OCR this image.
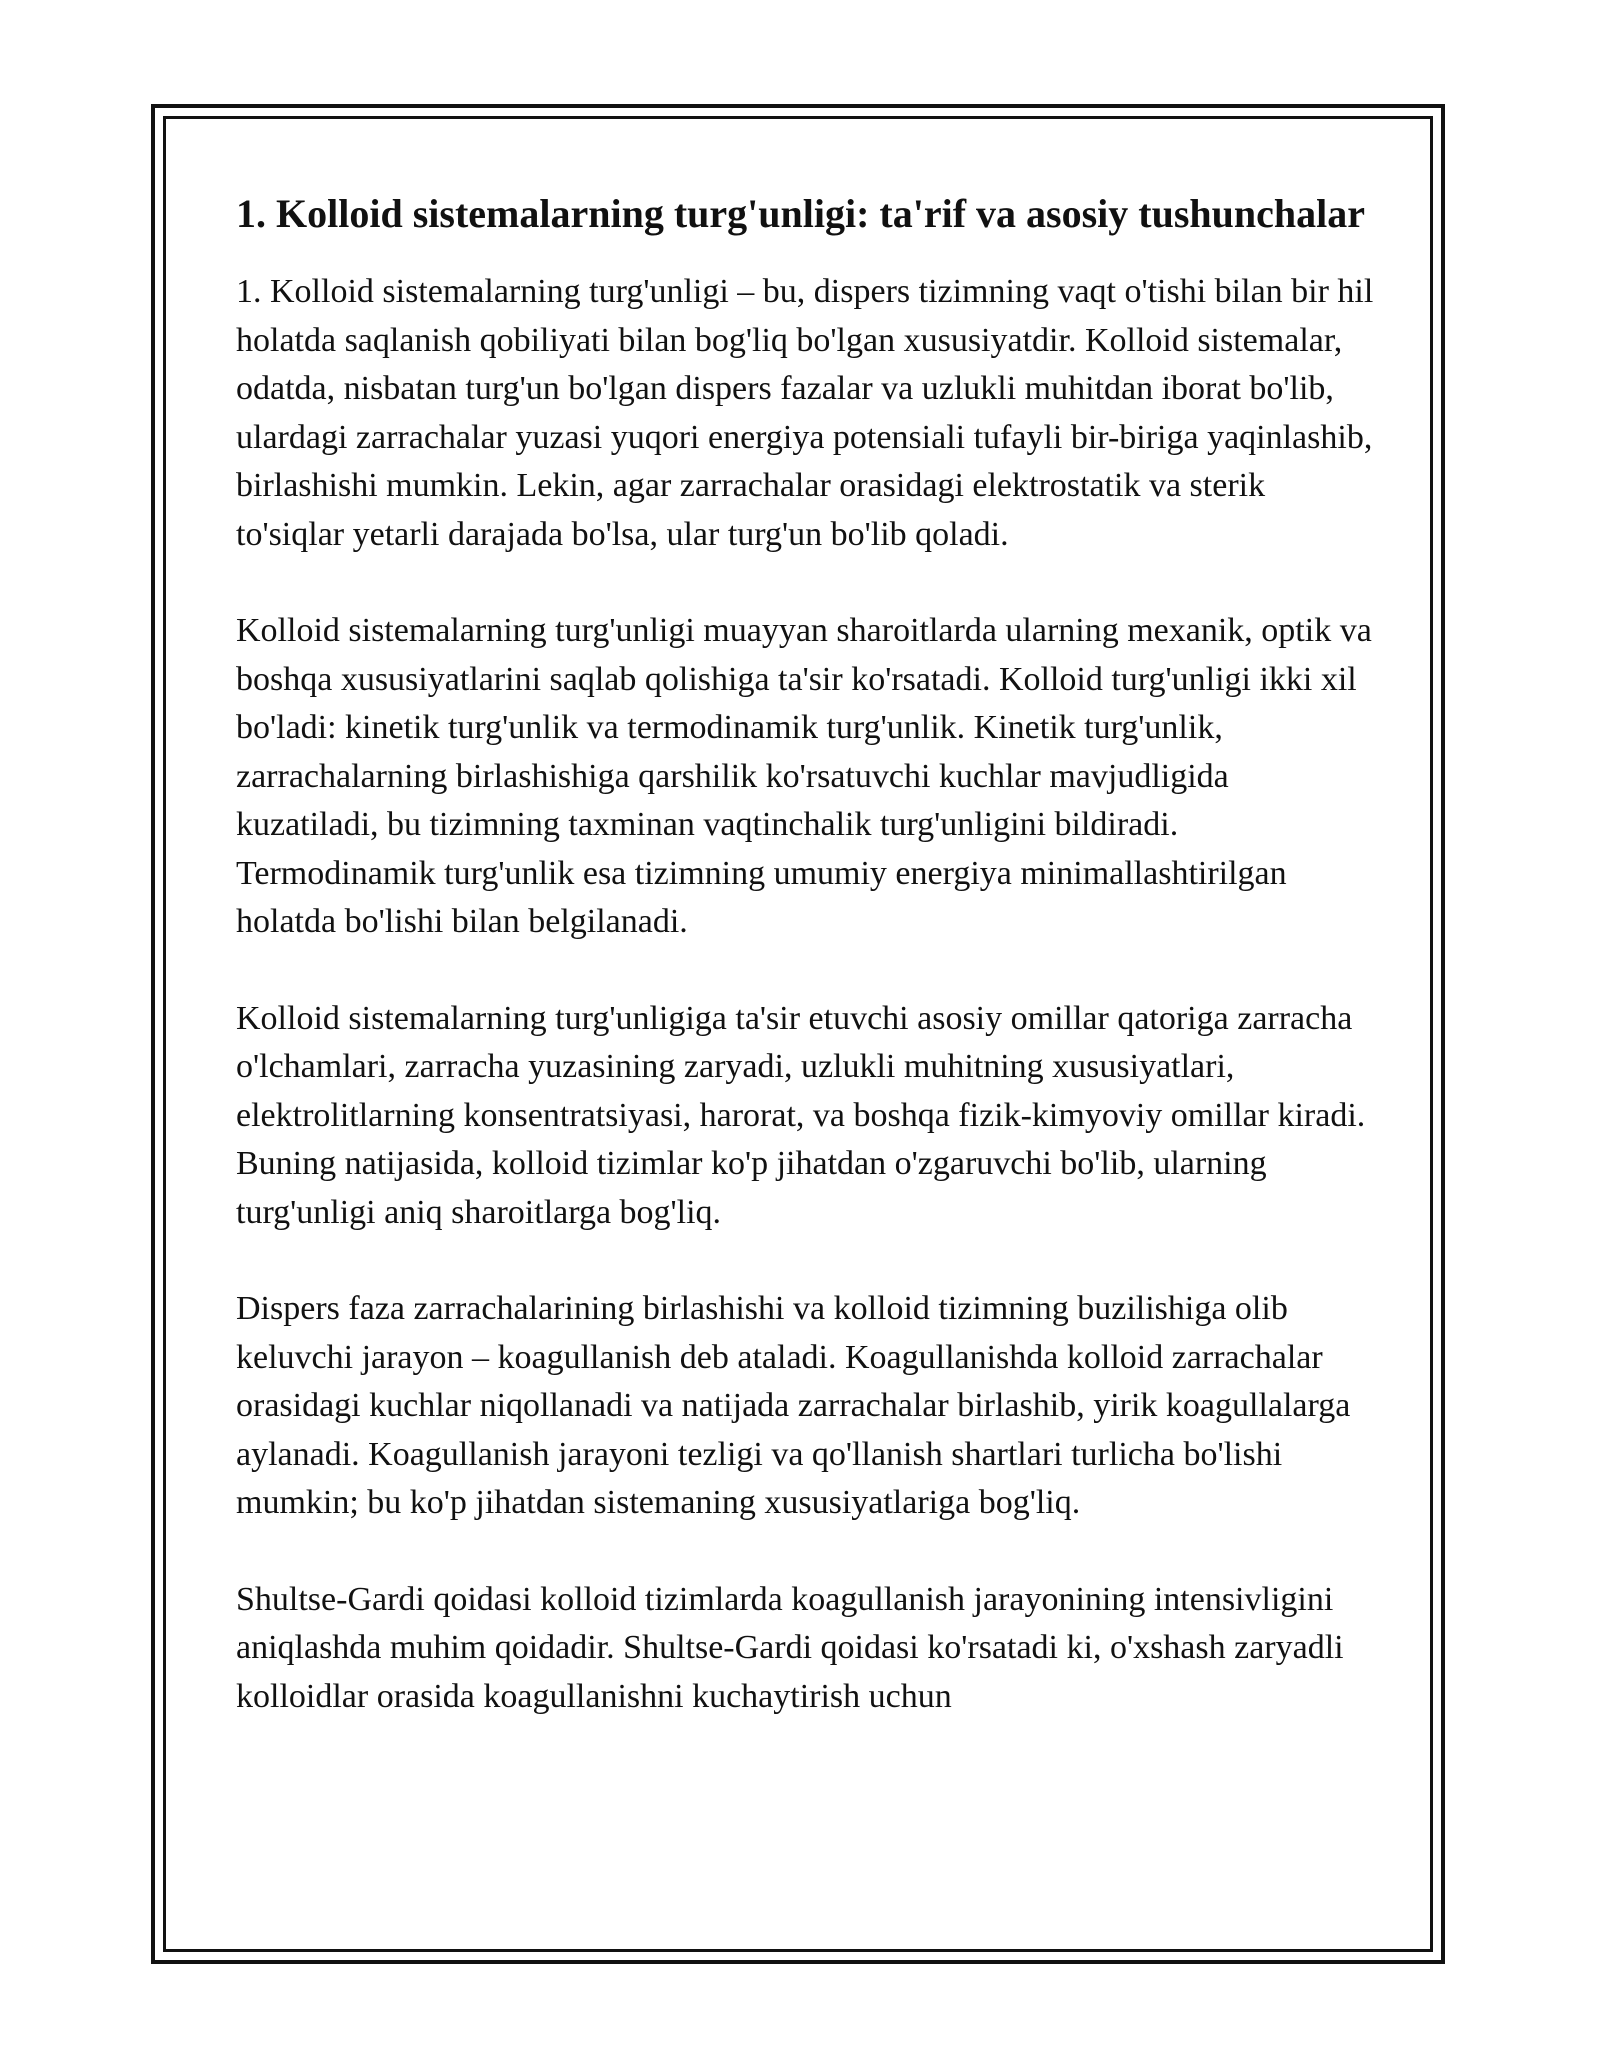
1. Kolloid sistemalarning turg'unligi: ta'rif va asosiy tushunchalar

1. Kolloid sistemalarning turg'unligi – bu, dispers tizimning vaqt o'tishi bilan bir hil holatda saqlanish qobiliyati bilan bog'liq bo'lgan xususiyatdir. Kolloid sistemalar, odatda, nisbatan turg'un bo'lgan dispers fazalar va uzlukli muhitdan iborat bo'lib, ulardagi zarrachalar yuzasi yuqori energiya potensiali tufayli bir-biriga yaqinlashib, birlashishi mumkin. Lekin, agar zarrachalar orasidagi elektrostatik va sterik to'siqlar yetarli darajada bo'lsa, ular turg'un bo'lib qoladi.

Kolloid sistemalarning turg'unligi muayyan sharoitlarda ularning mexanik, optik va boshqa xususiyatlarini saqlab qolishiga ta'sir ko'rsatadi. Kolloid turg'unligi ikki xil bo'ladi: kinetik turg'unlik va termodinamik turg'unlik. Kinetik turg'unlik, zarrachalarning birlashishiga qarshilik ko'rsatuvchi kuchlar mavjudligida kuzatiladi, bu tizimning taxminan vaqtinchalik turg'unligini bildiradi. Termodinamik turg'unlik esa tizimning umumiy energiya minimallashtirilgan holatda bo'lishi bilan belgilanadi.

Kolloid sistemalarning turg'unligiga ta'sir etuvchi asosiy omillar qatoriga zarracha o'lchamlari, zarracha yuzasining zaryadi, uzlukli muhitning xususiyatlari, elektrolitlarning konsentratsiyasi, harorat, va boshqa fizik-kimyoviy omillar kiradi. Buning natijasida, kolloid tizimlar ko'p jihatdan o'zgaruvchi bo'lib, ularning turg'unligi aniq sharoitlarga bog'liq.

Dispers faza zarrachalarining birlashishi va kolloid tizimning buzilishiga olib keluvchi jarayon – koagullanish deb ataladi. Koagullanishda kolloid zarrachalar orasidagi kuchlar niqollanadi va natijada zarrachalar birlashib, yirik koagullalarga aylanadi. Koagullanish jarayoni tezligi va qo'llanish shartlari turlicha bo'lishi mumkin; bu ko'p jihatdan sistemaning xususiyatlariga bog'liq.

Shultse-Gardi qoidasi kolloid tizimlarda koagullanish jarayonining intensivligini aniqlashda muhim qoidadir. Shultse-Gardi qoidasi ko'rsatadi ki, o'xshash zaryadli kolloidlar orasida koagullanishni kuchaytirish uchun
